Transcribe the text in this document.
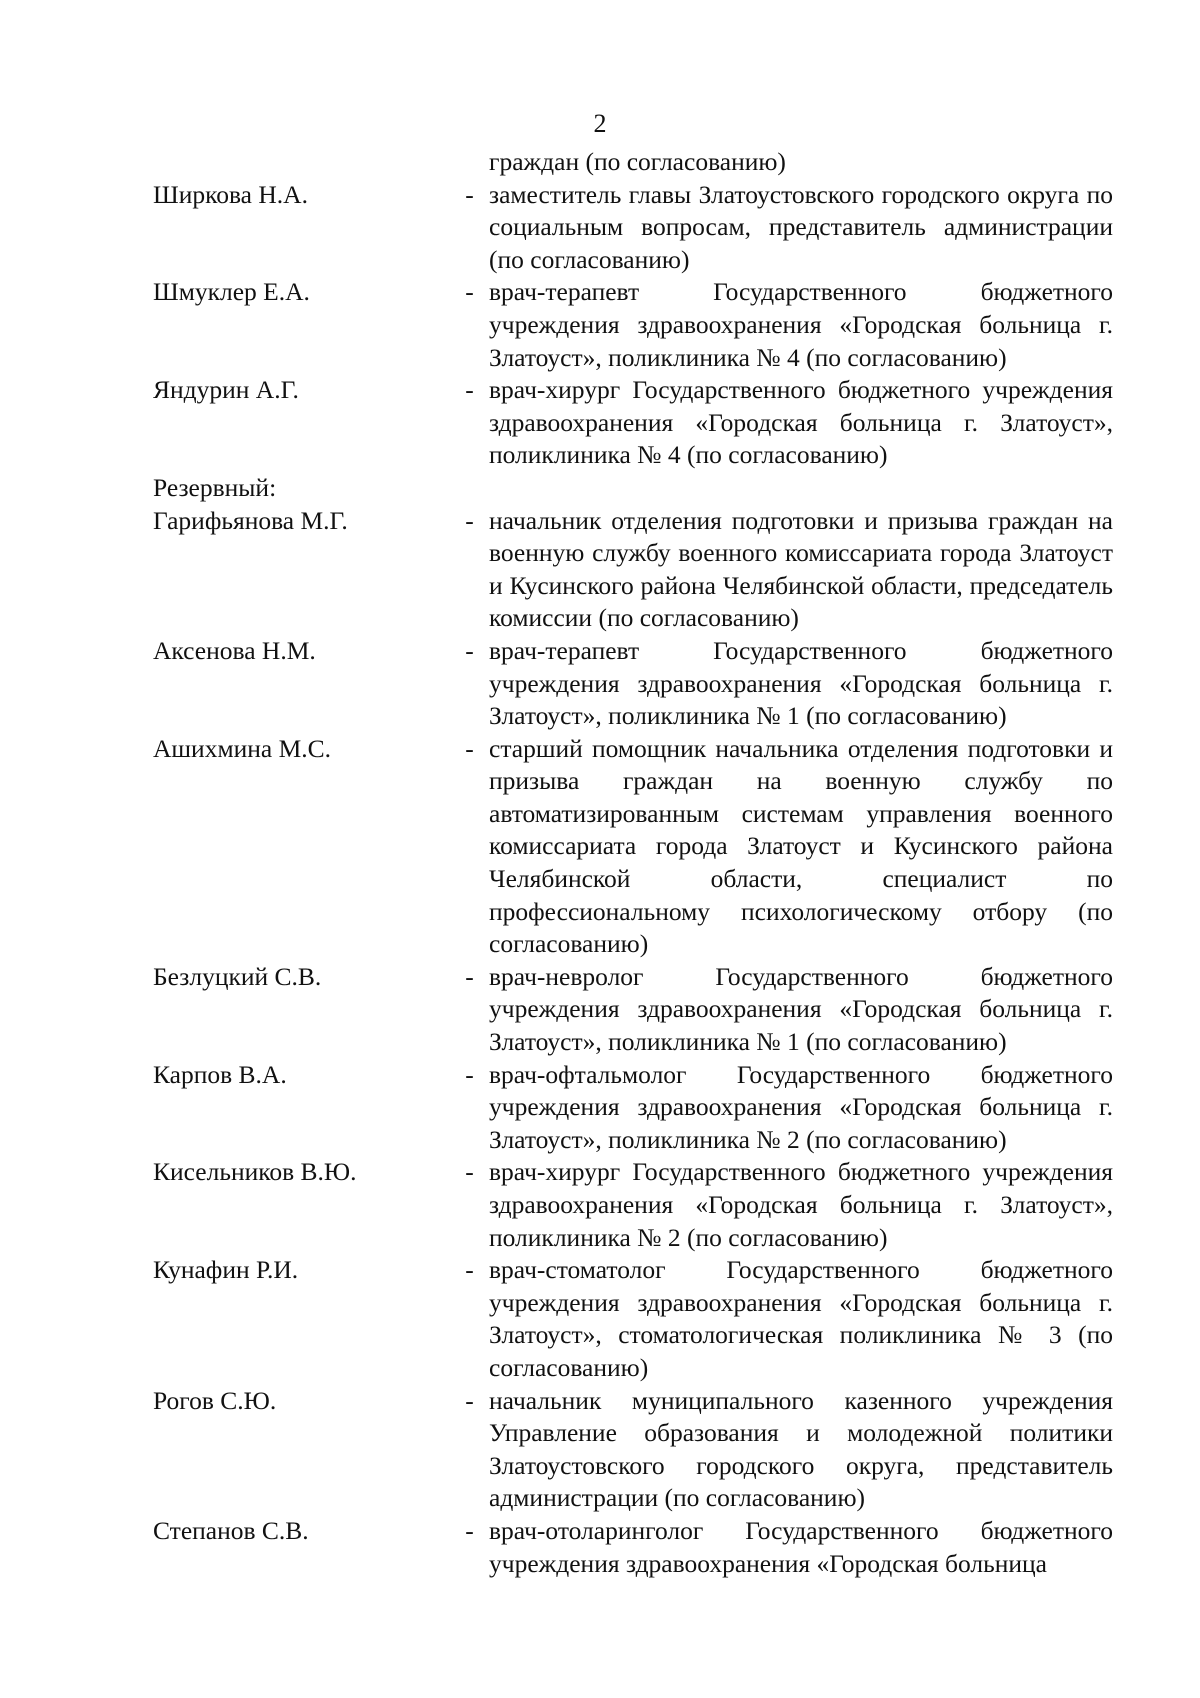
2
граждан (по согласованию)
Ширкова Н.А.	- заместитель главы Златоустовского городского округа по социальным вопросам, представитель администрации (по согласованию)
Шмуклер Е.А.	- врач-терапевт Государственного бюджетного учреждения здравоохранения «Городская больница г. Златоуст», поликлиника № 4 (по согласованию)
Яндурин А.Г.	- врач-хирург Государственного бюджетного учреждения здравоохранения «Городская больница г. Златоуст», поликлиника № 4 (по согласованию)
Резервный:
Гарифьянова М.Г.	- начальник отделения подготовки и призыва граждан на военную службу военного комиссариата города Златоуст и Кусинского района Челябинской области, председатель комиссии (по согласованию)
Аксенова Н.М.	- врач-терапевт Государственного бюджетного учреждения здравоохранения «Городская больница г. Златоуст», поликлиника № 1 (по согласованию)
Ашихмина М.С.	- старший помощник начальника отделения подготовки и призыва граждан на военную службу по автоматизированным системам управления военного комиссариата города Златоуст и Кусинского района Челябинской области, специалист по профессиональному психологическому отбору (по согласованию)
Безлуцкий С.В.	- врач-невролог Государственного бюджетного учреждения здравоохранения «Городская больница г. Златоуст», поликлиника № 1 (по согласованию)
Карпов В.А.	- врач-офтальмолог Государственного бюджетного учреждения здравоохранения «Городская больница г. Златоуст», поликлиника № 2 (по согласованию)
Кисельников В.Ю.	- врач-хирург Государственного бюджетного учреждения здравоохранения «Городская больница г. Златоуст», поликлиника № 2 (по согласованию)
Кунафин Р.И.	- врач-стоматолог Государственного бюджетного учреждения здравоохранения «Городская больница г. Златоуст», стоматологическая поликлиника № 3 (по согласованию)
Рогов С.Ю.	- начальник муниципального казенного учреждения Управление образования и молодежной политики Златоустовского городского округа, представитель администрации (по согласованию)
Степанов С.В.	- врач-отоларинголог Государственного бюджетного учреждения здравоохранения «Городская больница
